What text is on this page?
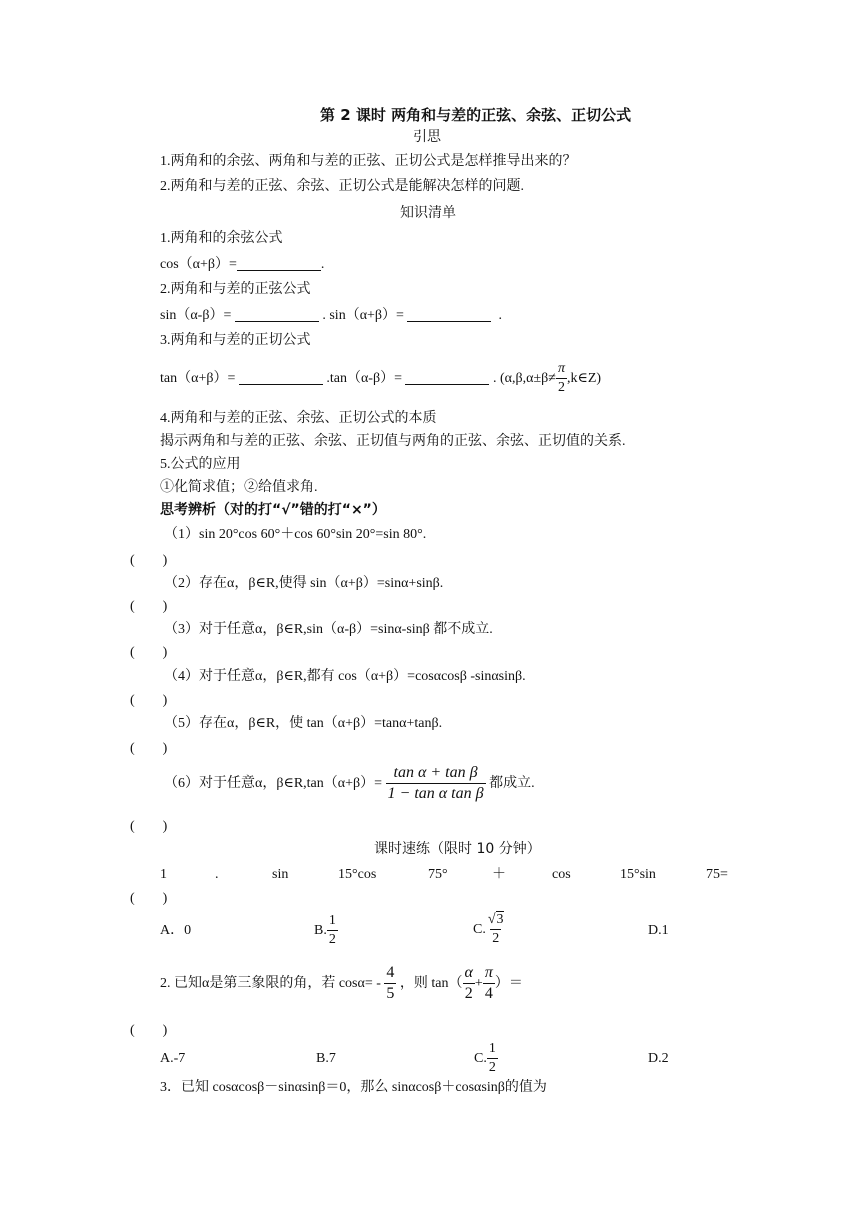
第 2 课时 两角和与差的正弦、余弦、正切公式
引思
1.两角和的余弦、两角和与差的正弦、正切公式是怎样推导出来的？
2.两角和与差的正弦、余弦、正切公式是能解决怎样的问题.
知识清单
1.两角和的余弦公式
cos（α+β）=	.
2.两角和与差的正弦公式
sin（α-β）=	. sin（α+β）=	.
3.两角和与差的正切公式
tan（α+β）=	.tan（α-β）=	. ($\alpha,\beta,\alpha\pm\beta\ne \frac{\pi}{2}$ ,k∈Z)
4.两角和与差的正弦、余弦、正切公式的本质
揭示两角和与差的正弦、余弦、正切值与两角的正弦、余弦、正切值的关系.
5.公式的应用
①化简求值；②给值求角.
思考辨析（对的打“√”错的打“×”）
（1）sin 20°cos 60°＋cos 60°sin 20°=sin 80°.
(　　)
（2）存在α，β∈R,使得 sin（α+β）=sinα+sinβ.
(　　)
（3）对于任意α，β∈R,sin（α-β）=sinα-sinβ 都不成立.
(　　)
（4）对于任意α，β∈R,都有 cos（α+β）=cosαcosβ -sinαsinβ.
(　　)
（5）存在α，β∈R，使 tan（α+β）=tanα+tanβ.
(　　)
（6）对于任意α，β∈R,tan（α+β）= $\frac{\text{tan α + tan β}}{\text{1 − tan α tan β}}$ 都成立.
(　　)
课时速练（限时 10 分钟）
1	.	sin	15°cos	75°	＋	cos	15°sin	75=
(　　)
A．0	B. $\frac{1}{2}$	C. $\frac{√3}{2}$	D.1
2. 已知α是第三象限的角，若 $\cos\alpha= - \frac{4}{5}$ ，则 $\tan( \frac{\alpha}{2} + \frac{\pi}{4}$ ）＝
(　　)
A.-7	B.7	C. $\frac{1}{2}$	D.2
3．已知 cosαcosβ－sinαsinβ＝0，那么 sinαcosβ＋cosαsinβ的值为
